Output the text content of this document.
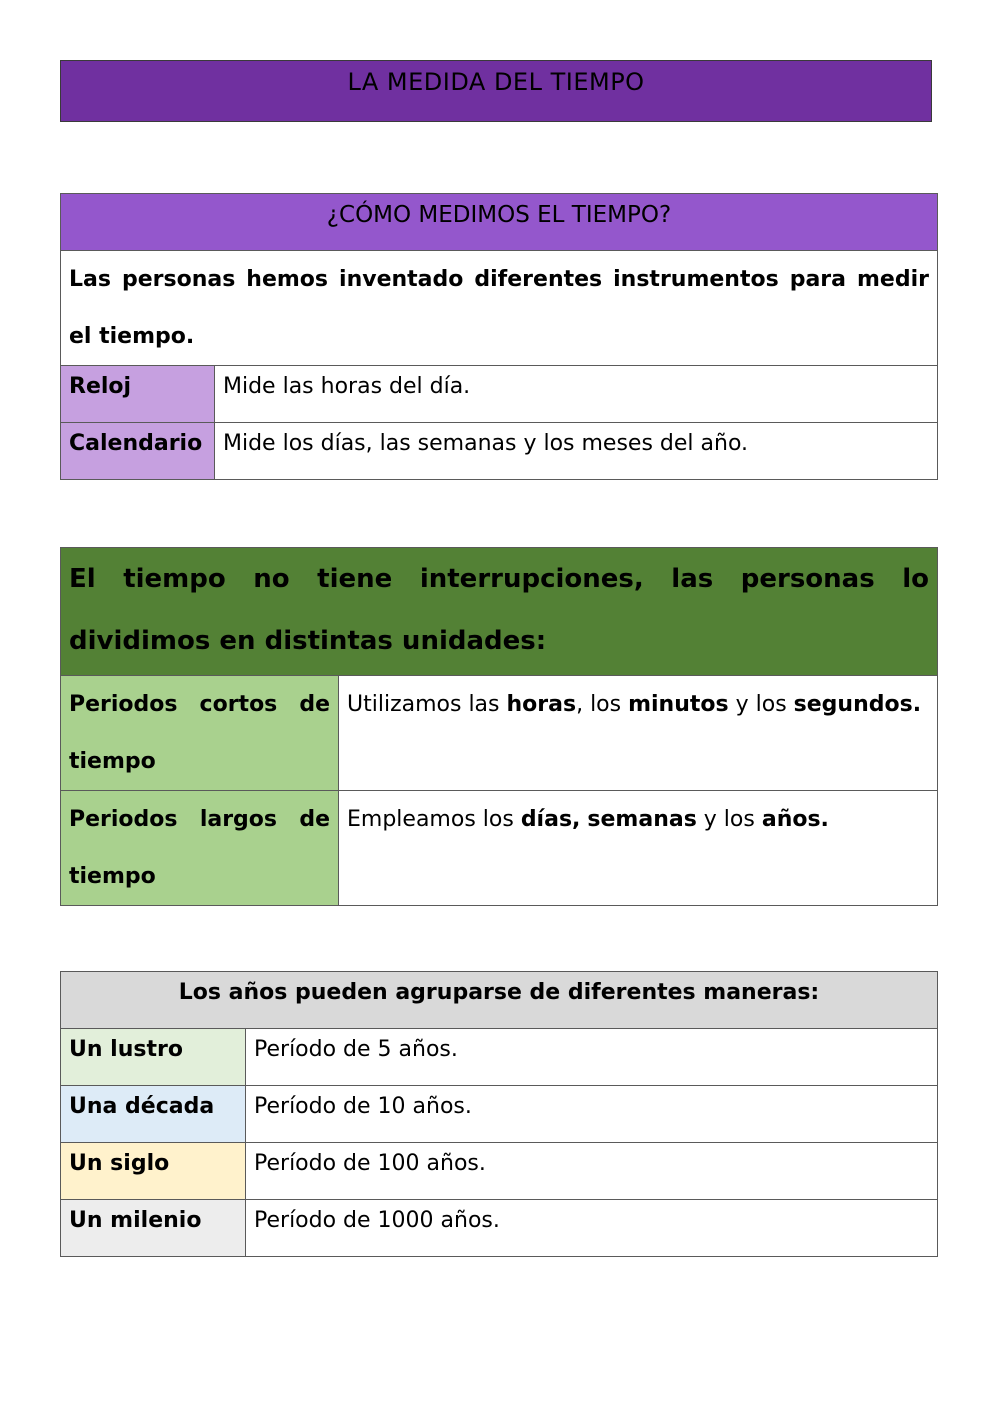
LA MEDIDA DEL TIEMPO
¿CÓMO MEDIMOS EL TIEMPO?	
Las personas hemos inventado diferentes instrumentos para medir el tiempo.	
Reloj	Mide las horas del día.
Calendario	Mide los días, las semanas y los meses del año.
El tiempo no tiene interrupciones, las personas lo dividimos en distintas unidades:	

Periodos cortos de tiempo	Utilizamos las horas, los minutos y los segundos.

Periodos largos de tiempo	Empleamos los días, semanas y los años.
Los años pueden agruparse de diferentes maneras:	
Un lustro	Período de 5 años.
Una década	Período de 10 años.
Un siglo	Período de 100 años.
Un milenio	Período de 1000 años.
